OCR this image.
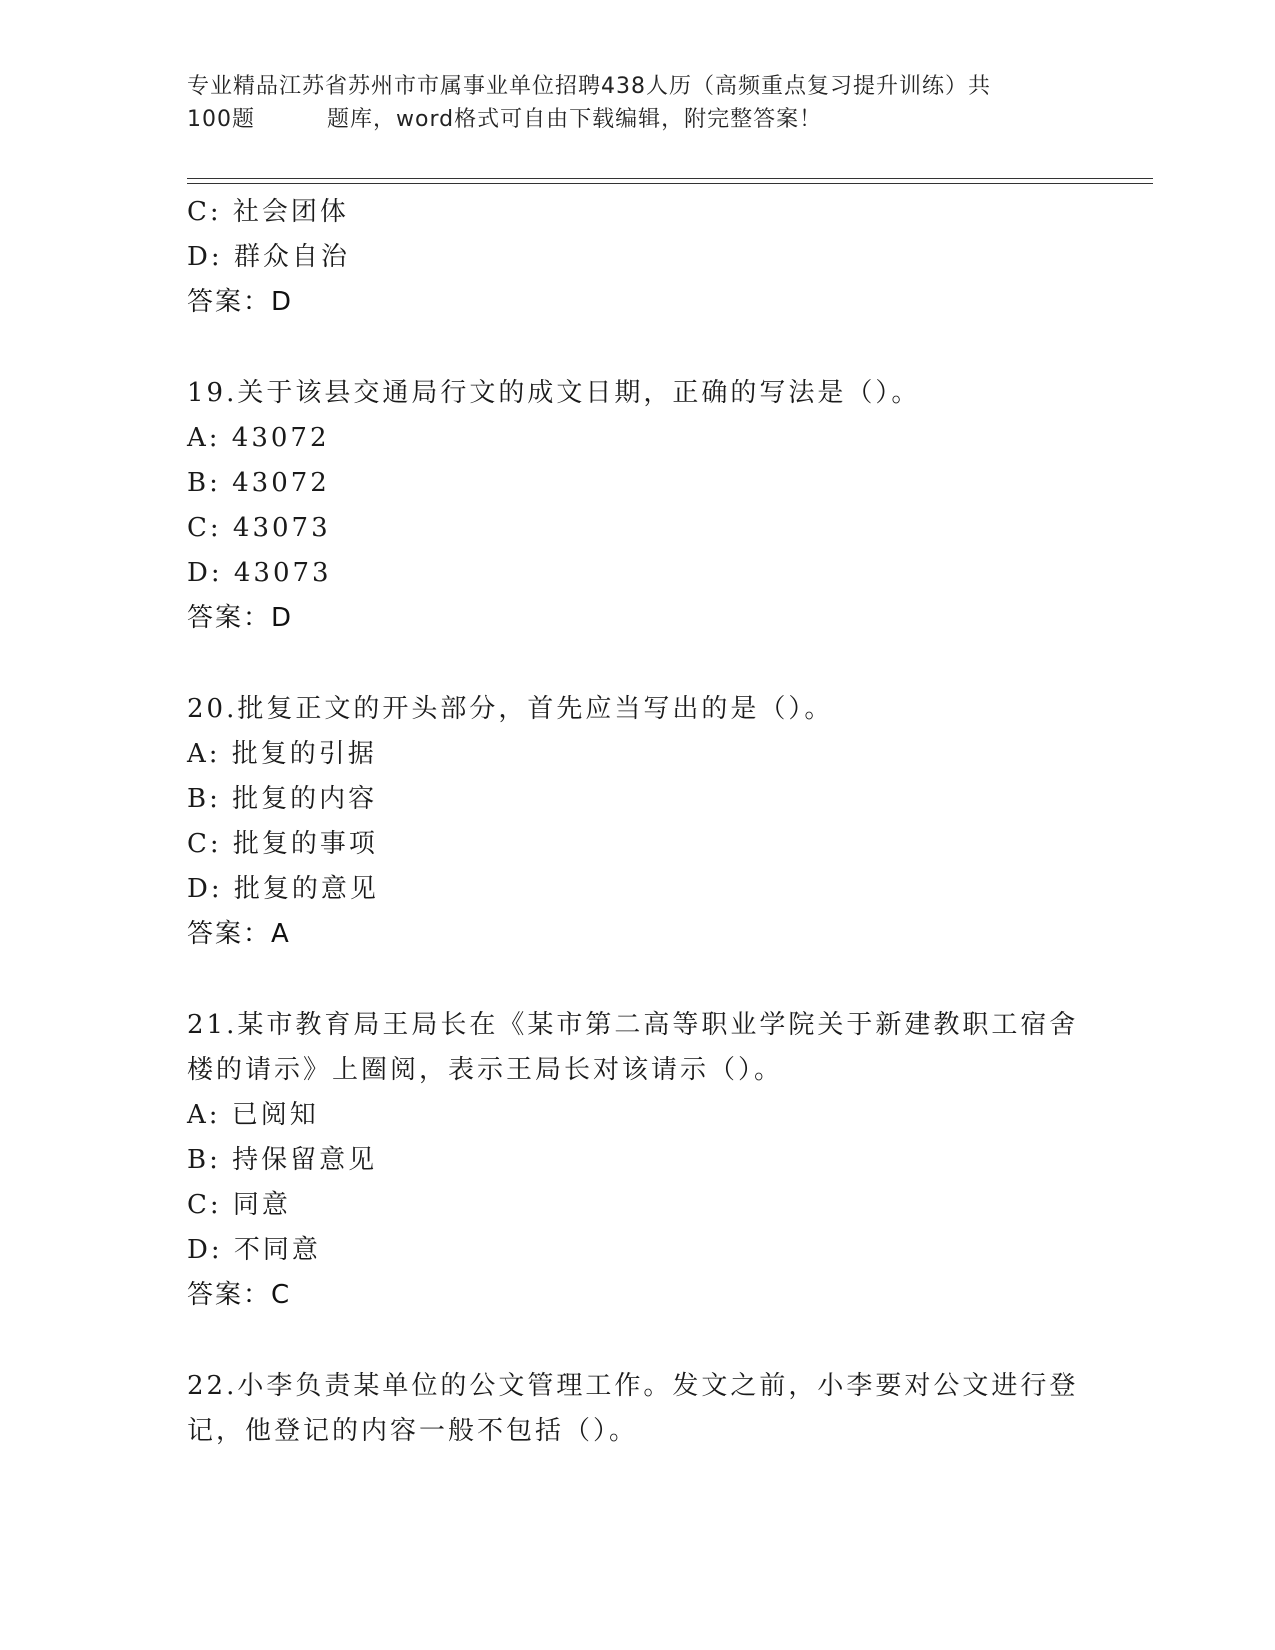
专业精品江苏省苏州市市属事业单位招聘438人历（高频重点复习提升训练）共
100题	题库，word格式可自由下载编辑，附完整答案！
C: 社会团体
D: 群众自治
答案：D
19.关于该县交通局行文的成文日期，正确的写法是（）。
A: 43072
B: 43072
C: 43073
D: 43073
答案：D
20.批复正文的开头部分，首先应当写出的是（）。
A: 批复的引据
B: 批复的内容
C: 批复的事项
D: 批复的意见
答案：A
21.某市教育局王局长在《某市第二高等职业学院关于新建教职工宿舍
楼的请示》上圈阅，表示王局长对该请示（）。
A: 已阅知
B: 持保留意见
C: 同意
D: 不同意
答案：C
22.小李负责某单位的公文管理工作。发文之前，小李要对公文进行登
记，他登记的内容一般不包括（）。
